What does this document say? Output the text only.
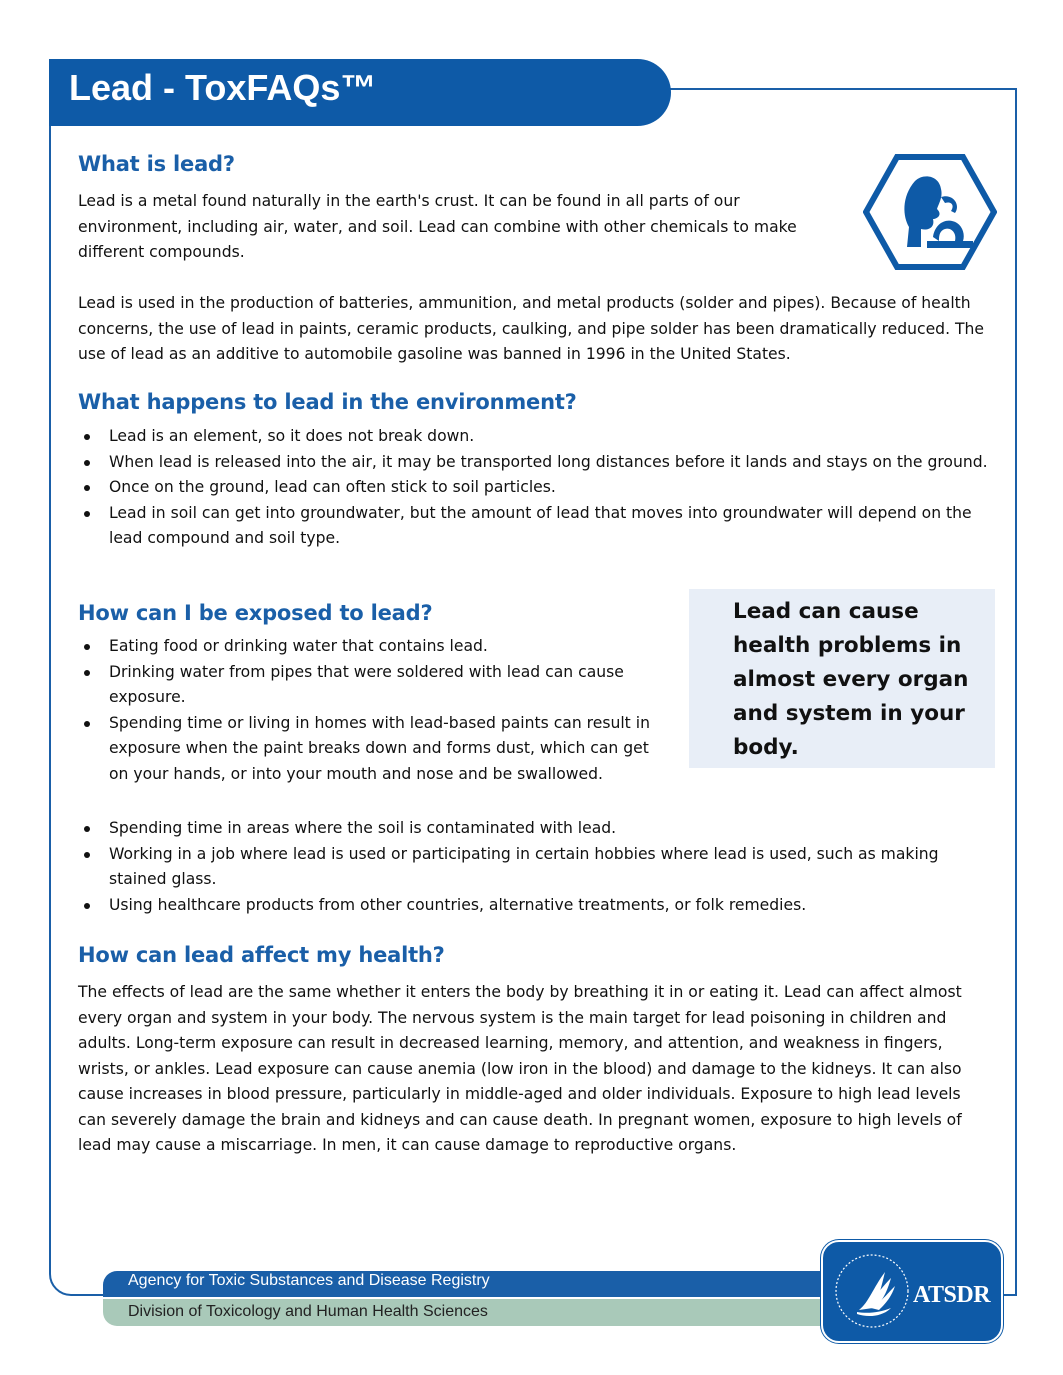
Lead - ToxFAQs™
What is lead?

Lead is a metal found naturally in the earth's crust. It can be found in all parts of our environment, including air, water, and soil. Lead can combine with other chemicals to make different compounds.

Lead is used in the production of batteries, ammunition, and metal products (solder and pipes). Because of health concerns, the use of lead in paints, ceramic products, caulking, and pipe solder has been dramatically reduced. The use of lead as an additive to automobile gasoline was banned in 1996 in the United States.

What happens to lead in the environment?
Lead is an element, so it does not break down.
When lead is released into the air, it may be transported long distances before it lands and stays on the ground.
Once on the ground, lead can often stick to soil particles.
Lead in soil can get into groundwater, but the amount of lead that moves into groundwater will depend on the lead compound and soil type.
How can I be exposed to lead?
Eating food or drinking water that contains lead.
Drinking water from pipes that were soldered with lead can cause exposure.
Spending time or living in homes with lead-based paints can result in exposure when the paint breaks down and forms dust, which can get on your hands, or into your mouth and nose and be swallowed.
Spending time in areas where the soil is contaminated with lead.
Working in a job where lead is used or participating in certain hobbies where lead is used, such as making stained glass.
Using healthcare products from other countries, alternative treatments, or folk remedies.
Lead can cause health problems in almost every organ and system in your body.
How can lead affect my health?

The effects of lead are the same whether it enters the body by breathing it in or eating it. Lead can affect almost every organ and system in your body. The nervous system is the main target for lead poisoning in children and adults. Long-term exposure can result in decreased learning, memory, and attention, and weakness in fingers, wrists, or ankles. Lead exposure can cause anemia (low iron in the blood) and damage to the kidneys. It can also cause increases in blood pressure, particularly in middle-aged and older individuals. Exposure to high lead levels can severely damage the brain and kidneys and can cause death. In pregnant women, exposure to high levels of lead may cause a miscarriage. In men, it can cause damage to reproductive organs.

Agency for Toxic Substances and Disease Registry
Division of Toxicology and Human Health Sciences
ATSDR
